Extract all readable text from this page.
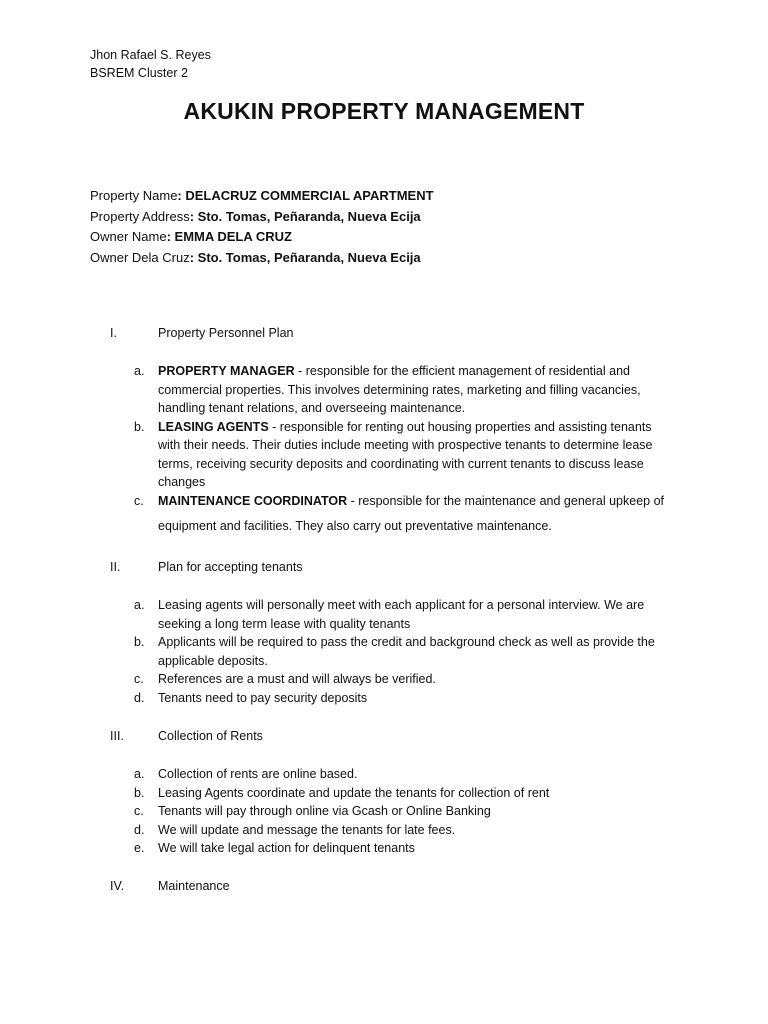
Jhon Rafael S. Reyes
BSREM Cluster 2
AKUKIN PROPERTY MANAGEMENT
Property Name: DELACRUZ COMMERCIAL APARTMENT
Property Address: Sto. Tomas, Peñaranda, Nueva Ecija
Owner Name: EMMA DELA CRUZ
Owner Dela Cruz: Sto. Tomas, Peñaranda, Nueva Ecija
I.	Property Personnel Plan
a. PROPERTY MANAGER - responsible for the efficient management of residential and commercial properties. This involves determining rates, marketing and filling vacancies, handling tenant relations, and overseeing maintenance.
b. LEASING AGENTS - responsible for renting out housing properties and assisting tenants with their needs. Their duties include meeting with prospective tenants to determine lease terms, receiving security deposits and coordinating with current tenants to discuss lease changes
c. MAINTENANCE COORDINATOR - responsible for the maintenance and general upkeep of equipment and facilities. They also carry out preventative maintenance.
II.	Plan for accepting tenants
a. Leasing agents will personally meet with each applicant for a personal interview. We are seeking a long term lease with quality tenants
b. Applicants will be required to pass the credit and background check as well as provide the applicable deposits.
c. References are a must and will always be verified.
d. Tenants need to pay security deposits
III.	Collection of Rents
a. Collection of rents are online based.
b. Leasing Agents coordinate and update the tenants for collection of rent
c. Tenants will pay through online via Gcash or Online Banking
d. We will update and message the tenants for late fees.
e. We will take legal action for delinquent tenants
IV.	Maintenance
